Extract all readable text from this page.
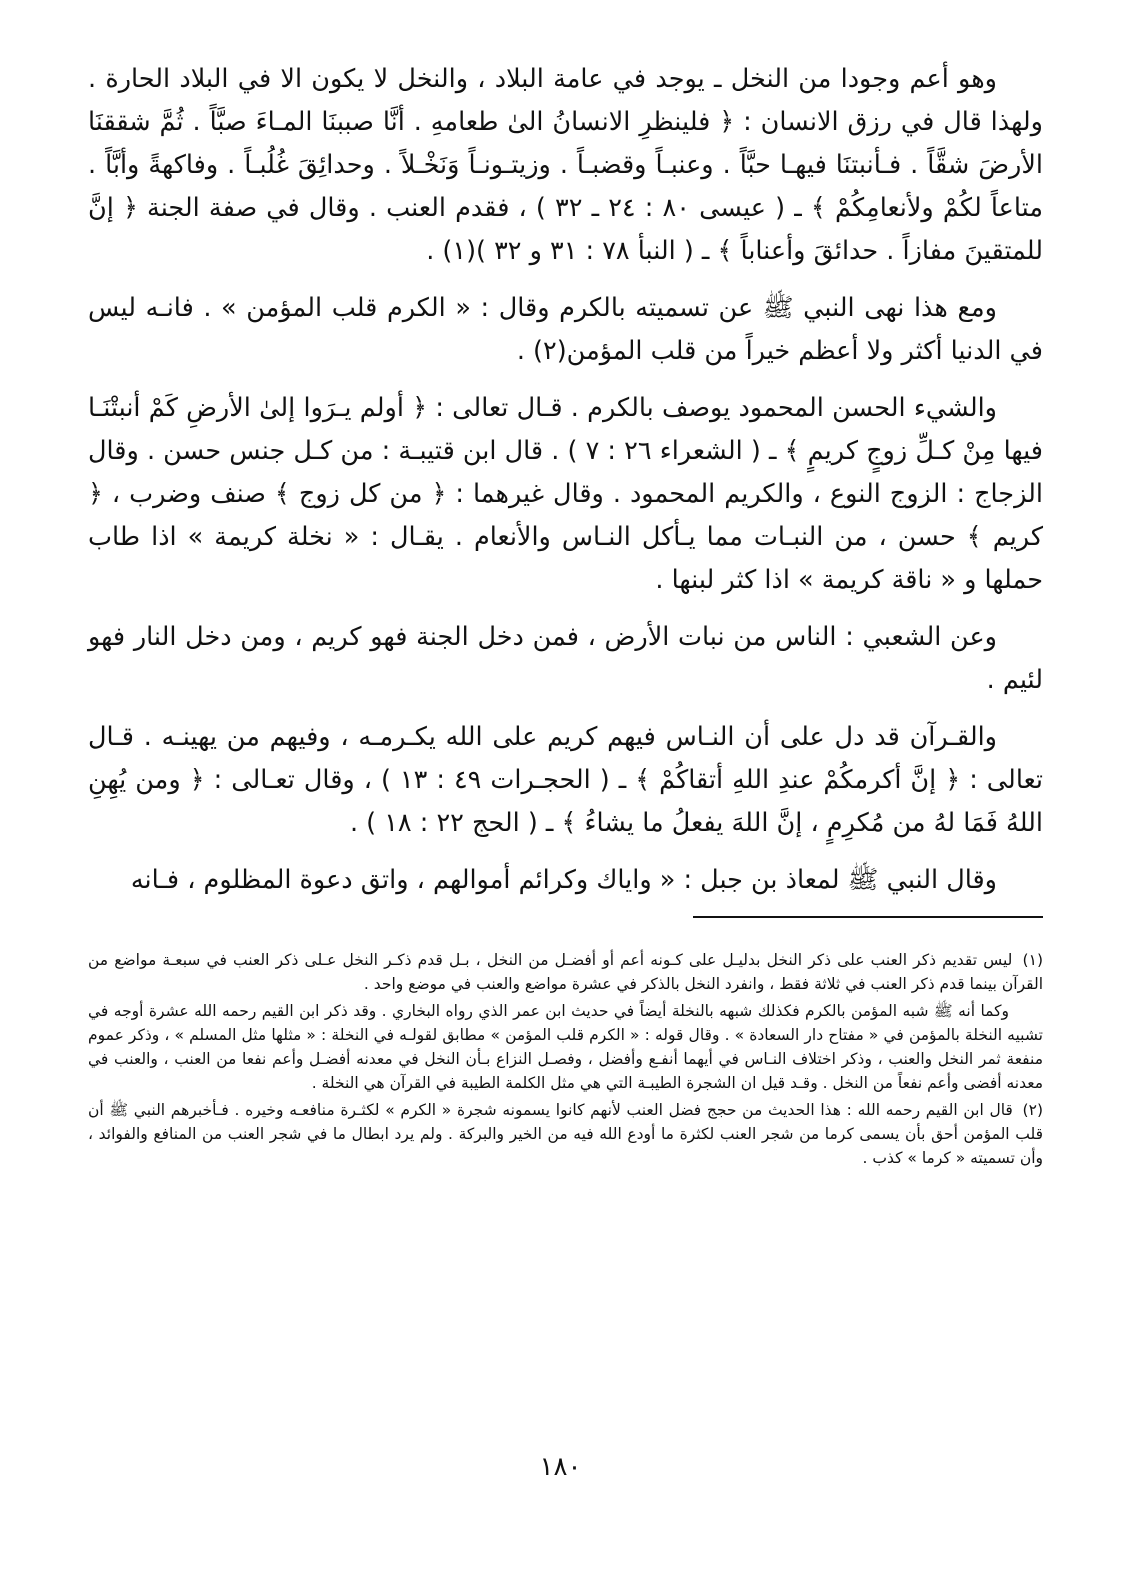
وهو أعم وجودا من النخل ـ يوجد في عامة البلاد ، والنخل لا يكون الا في البلاد الحارة . ولهذا قال في رزق الانسان : ﴿ فلينظرِ الانسانُ الىٰ طعامهِ . أنَّا صببنَا المـاءَ صبَّاً . ثُمَّ شققنَا الأرضَ شقَّاً . فـأنبتنَا فيهـا حبَّاً . وعنبـاً وقضبـاً . وزيتـونـاً وَنَخْـلاً . وحدائِقَ غُلُبـاً . وفاكهةً وأبَّاً . متاعاً لكُمْ ولأنعامِكُمْ ﴾ ـ ( عيسى ٨٠ : ٢٤ ـ ٣٢ ) ، فقدم العنب . وقال في صفة الجنة ﴿ إنَّ للمتقينَ مفازاً . حدائقَ وأعناباً ﴾ ـ ( النبأ ٧٨ : ٣١ و ٣٢ )(١) .

ومع هذا نهى النبي ﷺ عن تسميته بالكرم وقال : « الكرم قلب المؤمن » . فانـه ليس في الدنيا أكثر ولا أعظم خيراً من قلب المؤمن(٢) .

والشيء الحسن المحمود يوصف بالكرم . قـال تعالى : ﴿ أولم يـرَوا إلىٰ الأرضِ كَمْ أنبتْنَـا فيها مِنْ كـلِّ زوجٍ كريمٍ ﴾ ـ ( الشعراء ٢٦ : ٧ ) . قال ابن قتيبـة : من كـل جنس حسن . وقال الزجاج : الزوج النوع ، والكريم المحمود . وقال غيرهما : ﴿ من كل زوج ﴾ صنف وضرب ، ﴿ كريم ﴾ حسن ، من النبـات مما يـأكل النـاس والأنعام . يقـال : « نخلة كريمة » اذا طاب حملها و « ناقة كريمة » اذا كثر لبنها .

وعن الشعبي : الناس من نبات الأرض ، فمن دخل الجنة فهو كريم ، ومن دخل النار فهو لئيم .

والقـرآن قد دل على أن النـاس فيهم كريم على الله يكـرمـه ، وفيهم من يهينـه . قـال تعالى : ﴿ إنَّ أكرمكُمْ عندِ اللهِ أتقاكُمْ ﴾ ـ ( الحجـرات ٤٩ : ١٣ ) ، وقال تعـالى : ﴿ ومن يُهِنِ اللهُ فَمَا لهُ من مُكرِمٍ ، إنَّ اللهَ يفعلُ ما يشاءُ ﴾ ـ ( الحج ٢٢ : ١٨ ) .

وقال النبي ﷺ لمعاذ بن جبل : « واياك وكرائم أموالهم ، واتق دعوة المظلوم ، فـانه

(١) ليس تقديم ذكر العنب على ذكر النخل بدليـل على كـونه أعم أو أفضـل من النخل ، بـل قدم ذكـر النخل عـلى ذكر العنب في سبعـة مواضع من القرآن بينما قدم ذكر العنب في ثلاثة فقط ، وانفرد النخل بالذكر في عشرة مواضع والعنب في موضع واحد .

وكما أنه ﷺ شبه المؤمن بالكرم فكذلك شبهه بالنخلة أيضاً في حديث ابن عمر الذي رواه البخاري . وقد ذكر ابن القيم رحمه الله عشرة أوجه في تشبيه النخلة بالمؤمن في « مفتاح دار السعادة » . وقال قوله : « الكرم قلب المؤمن » مطابق لقولـه في النخلة : « مثلها مثل المسلم » ، وذكر عموم منفعة ثمر النخل والعنب ، وذكر اختلاف النـاس في أيهما أنفـع وأفضل ، وفصـل النزاع بـأن النخل في معدنه أفضـل وأعم نفعا من العنب ، والعنب في معدنه أفضى وأعم نفعاً من النخل . وقـد قيل ان الشجرة الطيبـة التي هي مثل الكلمة الطيبة في القرآن هي النخلة .

(٢) قال ابن القيم رحمه الله : هذا الحديث من حجج فضل العنب لأنهم كانوا يسمونه شجرة « الكرم » لكثـرة منافعـه وخيره . فـأخبرهم النبي ﷺ أن قلب المؤمن أحق بأن يسمى كرما من شجر العنب لكثرة ما أودع الله فيه من الخير والبركة . ولم يرد ابطال ما في شجر العنب من المنافع والفوائد ، وأن تسميته « كرما » كذب .

١٨٠
